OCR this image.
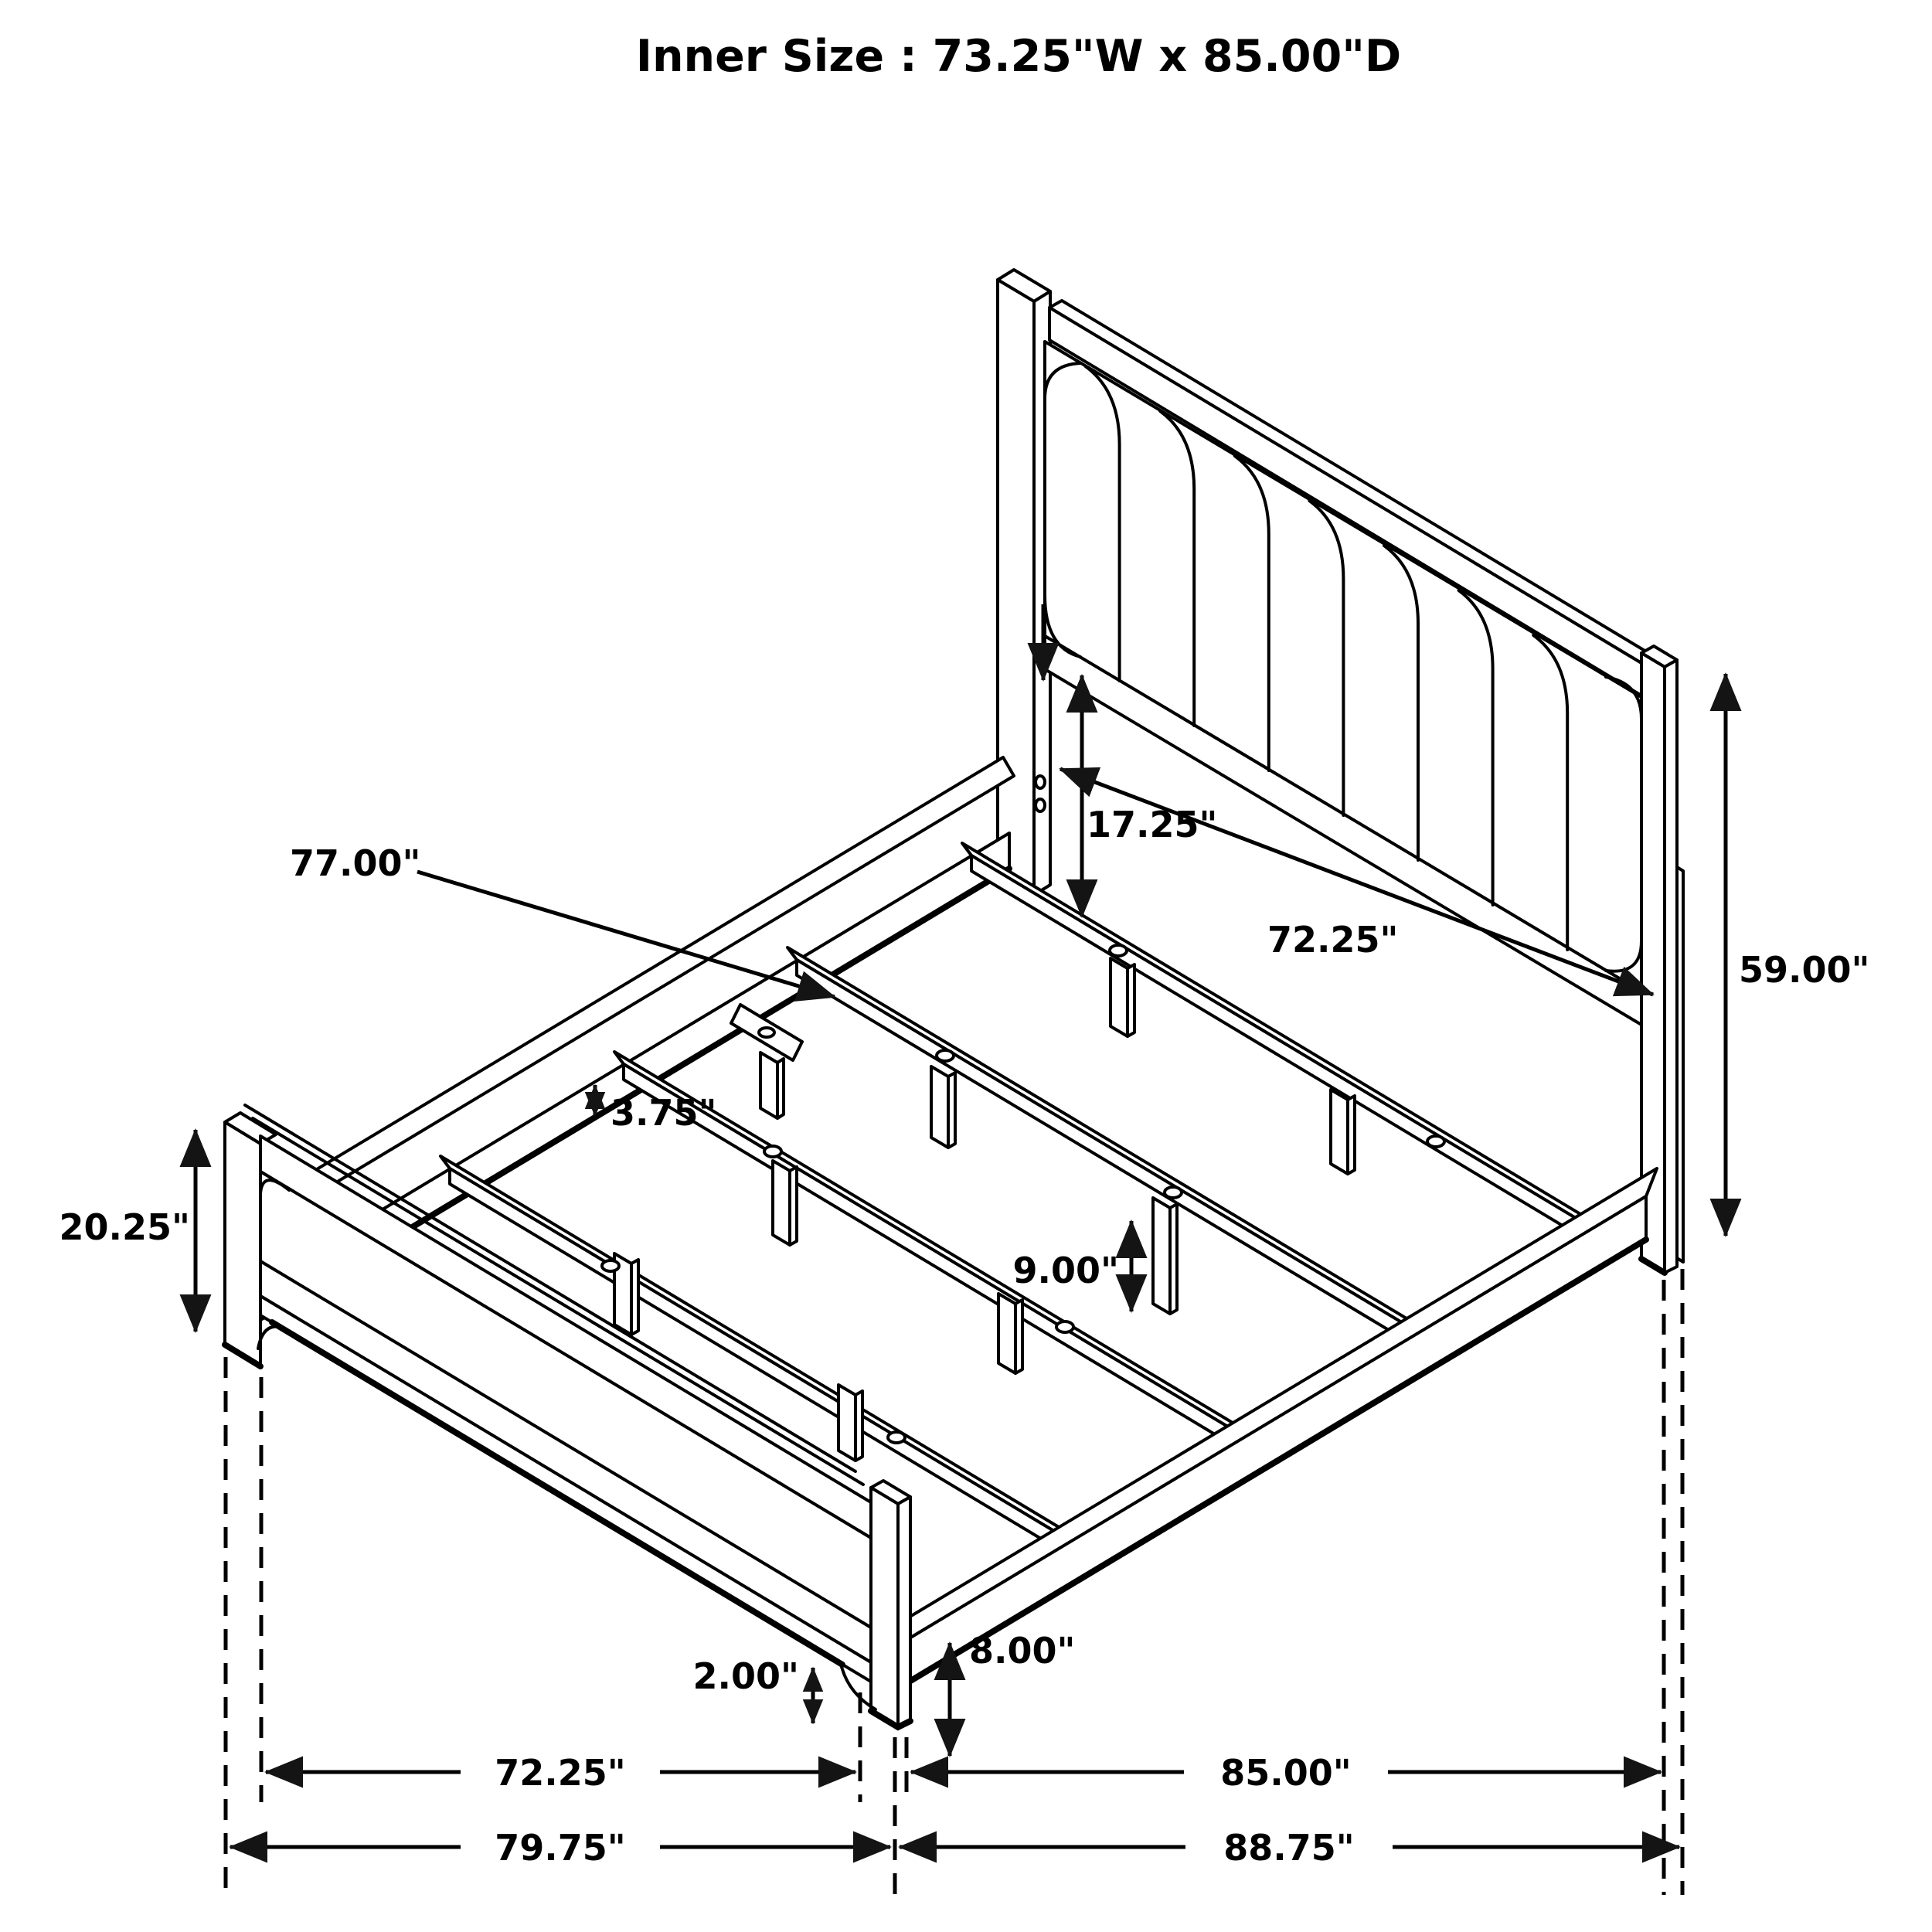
77.00"
17.25"
72.25"
59.00"
3.75"
20.25"
9.00"
8.00"
2.00"
72.25"	85.00"
79.75"	88.75"
Inner Size : 73.25"W x 85.00"D
